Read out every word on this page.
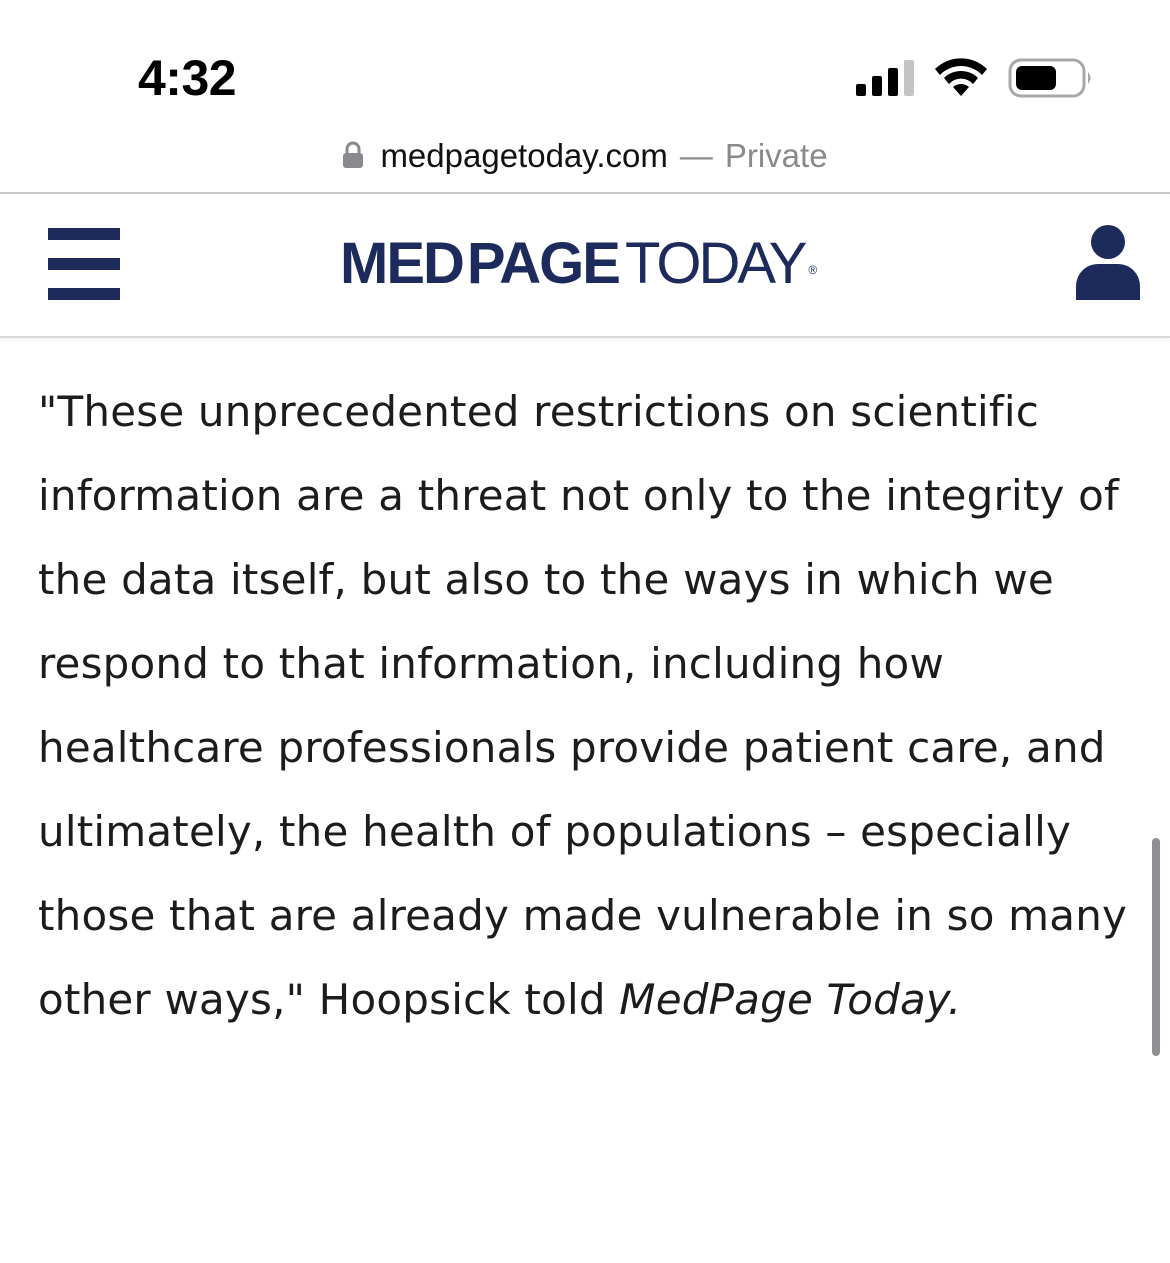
4:32
medpagetoday.com — Private
MED PAGE TODAY ®

"These unprecedented restrictions on scientific information are a threat not only to the integrity of the data itself, but also to the ways in which we respond to that information, including how healthcare professionals provide patient care, and ultimately, the health of populations – especially those that are already made vulnerable in so many other ways," Hoopsick told MedPage Today.
